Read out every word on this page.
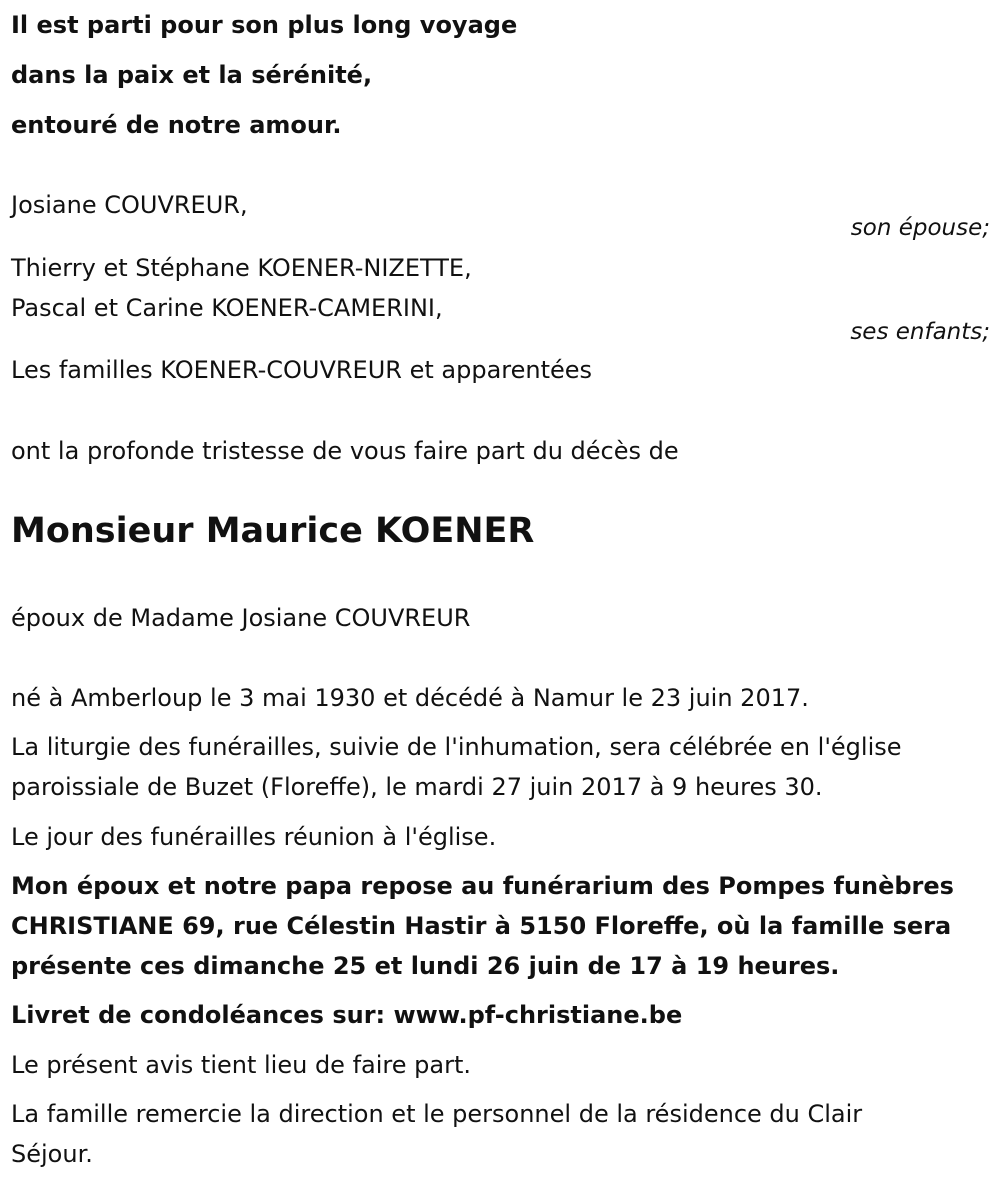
Il est parti pour son plus long voyage
dans la paix et la sérénité,
entouré de notre amour.
Josiane COUVREUR,
son épouse;
Thierry et Stéphane KOENER-NIZETTE,
Pascal et Carine KOENER-CAMERINI,
ses enfants;
Les familles KOENER-COUVREUR et apparentées
ont la profonde tristesse de vous faire part du décès de
Monsieur Maurice KOENER
époux de Madame Josiane COUVREUR
né à Amberloup le 3 mai 1930 et décédé à Namur le 23 juin 2017.
La liturgie des funérailles, suivie de l'inhumation, sera célébrée en l'église
paroissiale de Buzet (Floreffe), le mardi 27 juin 2017 à 9 heures 30.
Le jour des funérailles réunion à l'église.
Mon époux et notre papa repose au funérarium des Pompes funèbres
CHRISTIANE 69, rue Célestin Hastir à 5150 Floreffe, où la famille sera
présente ces dimanche 25 et lundi 26 juin de 17 à 19 heures.
Livret de condoléances sur: www.pf-christiane.be
Le présent avis tient lieu de faire part.
La famille remercie la direction et le personnel de la résidence du Clair
Séjour.
